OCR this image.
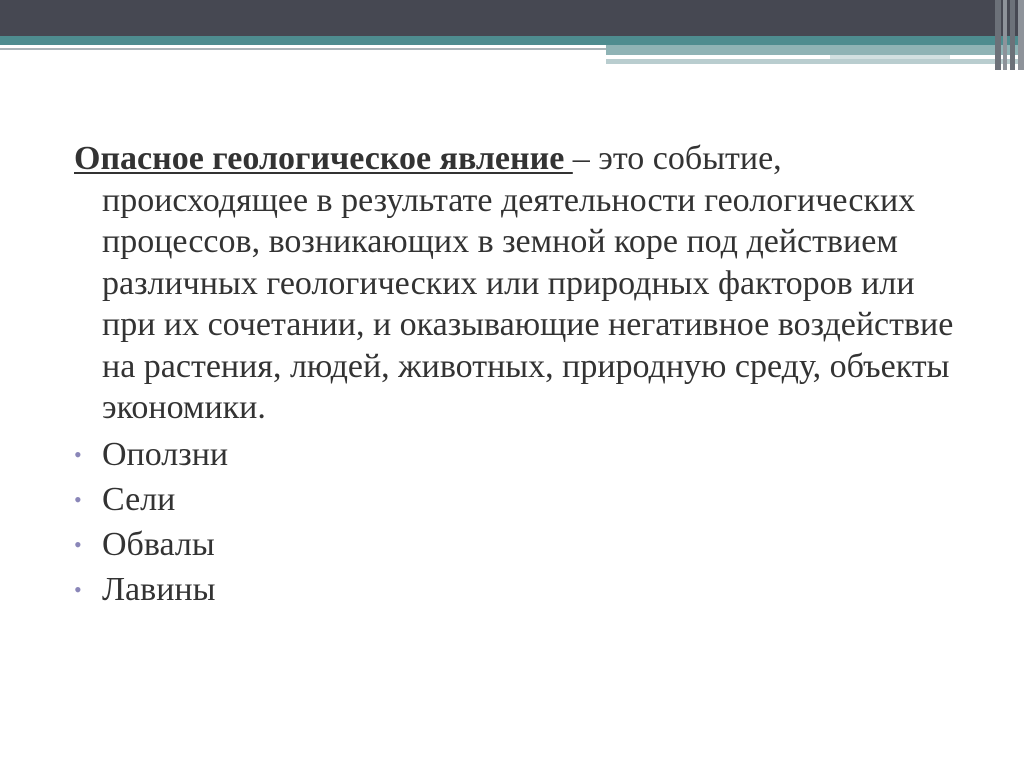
Опасное геологическое явление – это событие, происходящее в результате деятельности геологических процессов, возникающих в земной коре под действием различных геологических или природных факторов или при их сочетании, и оказывающие негативное воздействие на растения, людей, животных, природную среду, объекты экономики.

• Оползни
• Сели
• Обвалы
• Лавины
